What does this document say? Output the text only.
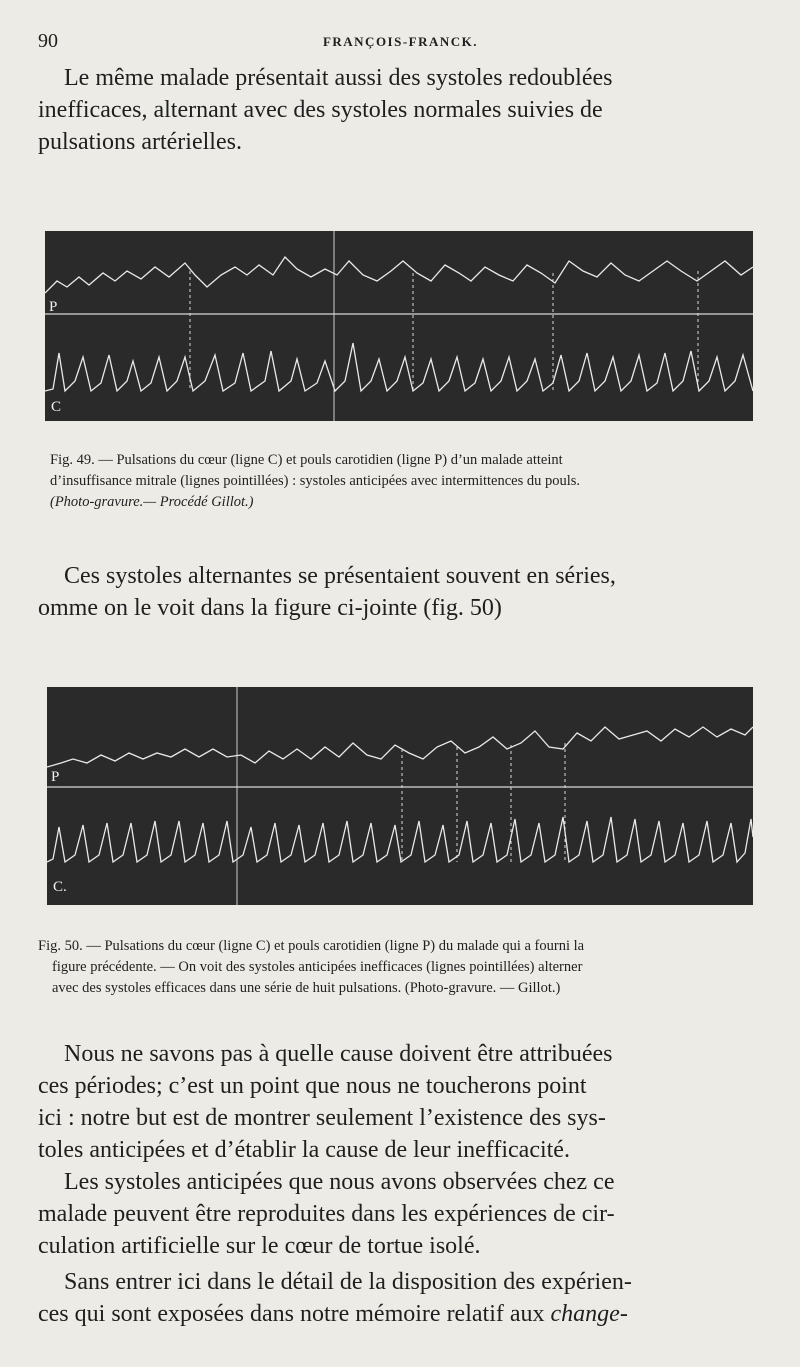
90	FRANÇOIS-FRANCK.

Le même malade présentait aussi des systoles redoublées
inefficaces, alternant avec des systoles normales suivies de
pulsations artérielles.

P
C

Fig. 49. — Pulsations du cœur (ligne C) et pouls carotidien (ligne P) d’un malade atteint
d’insuffisance mitrale (lignes pointillées) : systoles anticipées avec intermittences du pouls.
(Photo-gravure.— Procédé Gillot.)

Ces systoles alternantes se présentaient souvent en séries,
omme on le voit dans la figure ci-jointe (fig. 50)

P
C.

Fig. 50. — Pulsations du cœur (ligne C) et pouls carotidien (ligne P) du malade qui a fourni la
figure précédente. — On voit des systoles anticipées inefficaces (lignes pointillées) alterner
avec des systoles efficaces dans une série de huit pulsations. (Photo-gravure. — Gillot.)

Nous ne savons pas à quelle cause doivent être attribuées
ces périodes; c’est un point que nous ne toucherons point
ici : notre but est de montrer seulement l’existence des sys-
toles anticipées et d’établir la cause de leur inefficacité.

Les systoles anticipées que nous avons observées chez ce
malade peuvent être reproduites dans les expériences de cir-
culation artificielle sur le cœur de tortue isolé.

Sans entrer ici dans le détail de la disposition des expérien-
ces qui sont exposées dans notre mémoire relatif aux change-
